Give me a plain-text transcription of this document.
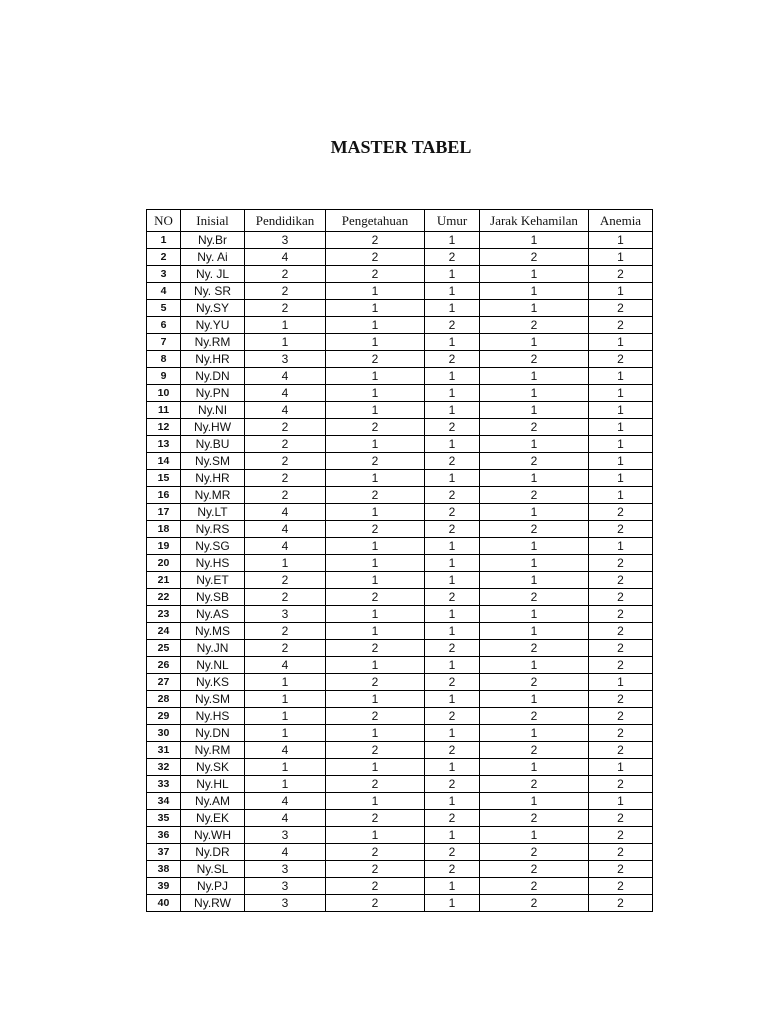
MASTER TABEL
NO	Inisial	Pendidikan	Pengetahuan	Umur	Jarak Kehamilan	Anemia
1	Ny.Br	3	2	1	1	1
2	Ny. Ai	4	2	2	2	1
3	Ny. JL	2	2	1	1	2
4	Ny. SR	2	1	1	1	1
5	Ny.SY	2	1	1	1	2
6	Ny.YU	1	1	2	2	2
7	Ny.RM	1	1	1	1	1
8	Ny.HR	3	2	2	2	2
9	Ny.DN	4	1	1	1	1
10	Ny.PN	4	1	1	1	1
11	Ny.NI	4	1	1	1	1
12	Ny.HW	2	2	2	2	1
13	Ny.BU	2	1	1	1	1
14	Ny.SM	2	2	2	2	1
15	Ny.HR	2	1	1	1	1
16	Ny.MR	2	2	2	2	1
17	Ny.LT	4	1	2	1	2
18	Ny.RS	4	2	2	2	2
19	Ny.SG	4	1	1	1	1
20	Ny.HS	1	1	1	1	2
21	Ny.ET	2	1	1	1	2
22	Ny.SB	2	2	2	2	2
23	Ny.AS	3	1	1	1	2
24	Ny.MS	2	1	1	1	2
25	Ny.JN	2	2	2	2	2
26	Ny.NL	4	1	1	1	2
27	Ny.KS	1	2	2	2	1
28	Ny.SM	1	1	1	1	2
29	Ny.HS	1	2	2	2	2
30	Ny.DN	1	1	1	1	2
31	Ny.RM	4	2	2	2	2
32	Ny.SK	1	1	1	1	1
33	Ny.HL	1	2	2	2	2
34	Ny.AM	4	1	1	1	1
35	Ny.EK	4	2	2	2	2
36	Ny.WH	3	1	1	1	2
37	Ny.DR	4	2	2	2	2
38	Ny.SL	3	2	2	2	2
39	Ny.PJ	3	2	1	2	2
40	Ny.RW	3	2	1	2	2
